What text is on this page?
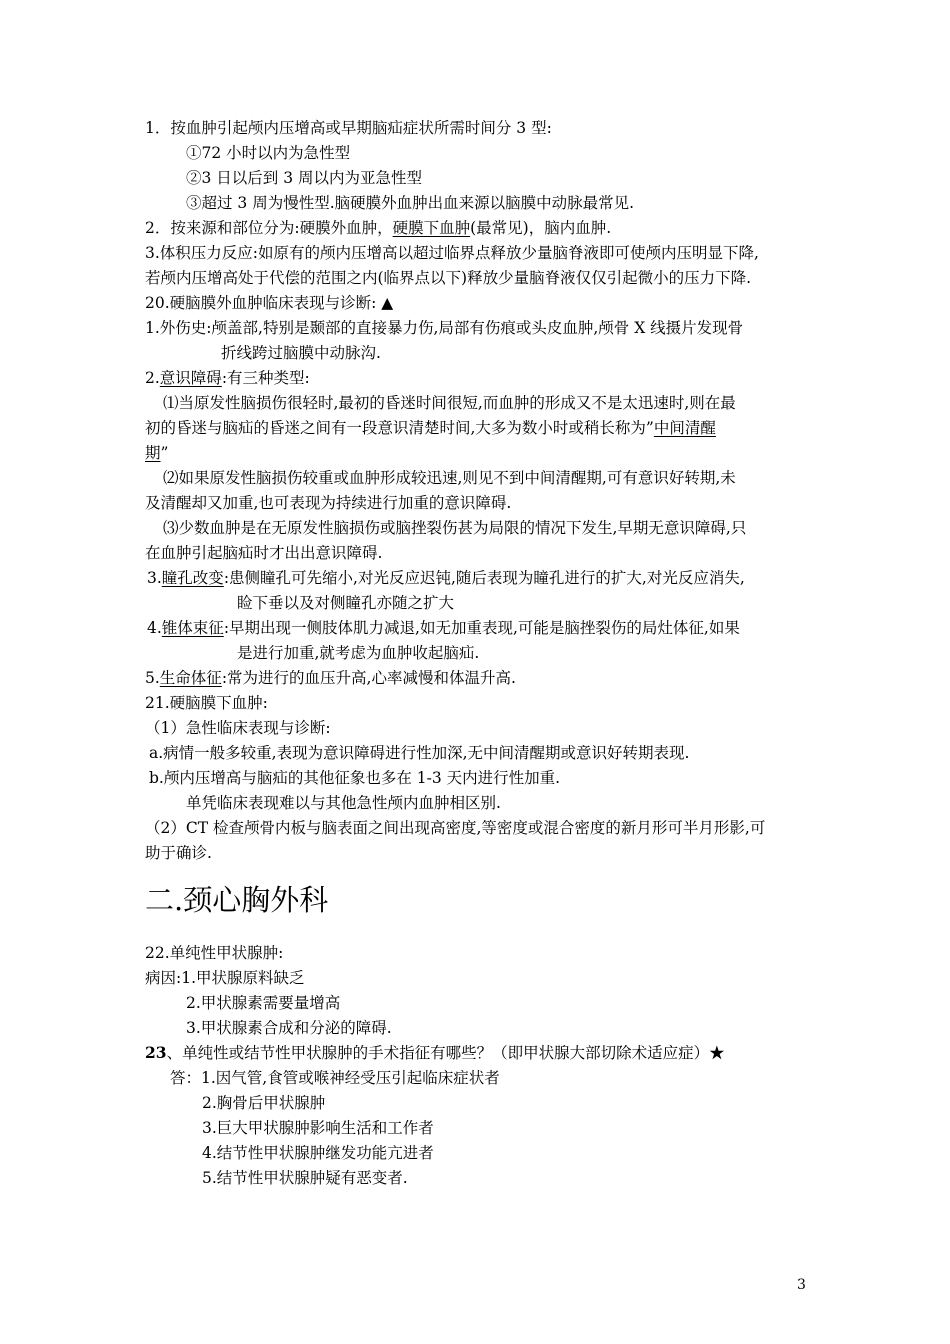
1．按血肿引起颅内压增高或早期脑疝症状所需时间分 3 型:
①72 小时以内为急性型
②3 日以后到 3 周以内为亚急性型
③超过 3 周为慢性型.脑硬膜外血肿出血来源以脑膜中动脉最常见.
2．按来源和部位分为:硬膜外血肿，硬膜下血肿(最常见)，脑内血肿.
3.体积压力反应:如原有的颅内压增高以超过临界点释放少量脑脊液即可使颅内压明显下降,
若颅内压增高处于代偿的范围之内(临界点以下)释放少量脑脊液仅仅引起微小的压力下降.
20.硬脑膜外血肿临床表现与诊断: ▲
1.外伤史:颅盖部,特别是颞部的直接暴力伤,局部有伤痕或头皮血肿,颅骨 X 线摄片发现骨
折线跨过脑膜中动脉沟.
2.意识障碍:有三种类型:
⑴当原发性脑损伤很轻时,最初的昏迷时间很短,而血肿的形成又不是太迅速时,则在最
初的昏迷与脑疝的昏迷之间有一段意识清楚时间,大多为数小时或稍长称为”中间清醒
期”
⑵如果原发性脑损伤较重或血肿形成较迅速,则见不到中间清醒期,可有意识好转期,未
及清醒却又加重,也可表现为持续进行加重的意识障碍.
⑶少数血肿是在无原发性脑损伤或脑挫裂伤甚为局限的情况下发生,早期无意识障碍,只
在血肿引起脑疝时才出出意识障碍.
3.瞳孔改变:患侧瞳孔可先缩小,对光反应迟钝,随后表现为瞳孔进行的扩大,对光反应消失,
睑下垂以及对侧瞳孔亦随之扩大
4.锥体束征:早期出现一侧肢体肌力减退,如无加重表现,可能是脑挫裂伤的局灶体征,如果
是进行加重,就考虑为血肿收起脑疝.
5.生命体征:常为进行的血压升高,心率减慢和体温升高.
21.硬脑膜下血肿:
（1）急性临床表现与诊断:
a.病情一般多较重,表现为意识障碍进行性加深,无中间清醒期或意识好转期表现.
b.颅内压增高与脑疝的其他征象也多在 1-3 天内进行性加重.
单凭临床表现难以与其他急性颅内血肿相区别.
（2）CT 检查颅骨内板与脑表面之间出现高密度,等密度或混合密度的新月形可半月形影,可
助于确诊.
二.颈心胸外科
22.单纯性甲状腺肿:
病因:1.甲状腺原料缺乏
2.甲状腺素需要量增高
3.甲状腺素合成和分泌的障碍.
23、单纯性或结节性甲状腺肿的手术指征有哪些？（即甲状腺大部切除术适应症）★
答：1.因气管,食管或喉神经受压引起临床症状者
2.胸骨后甲状腺肿
3.巨大甲状腺肿影响生活和工作者
4.结节性甲状腺肿继发功能亢进者
5.结节性甲状腺肿疑有恶变者.
3
